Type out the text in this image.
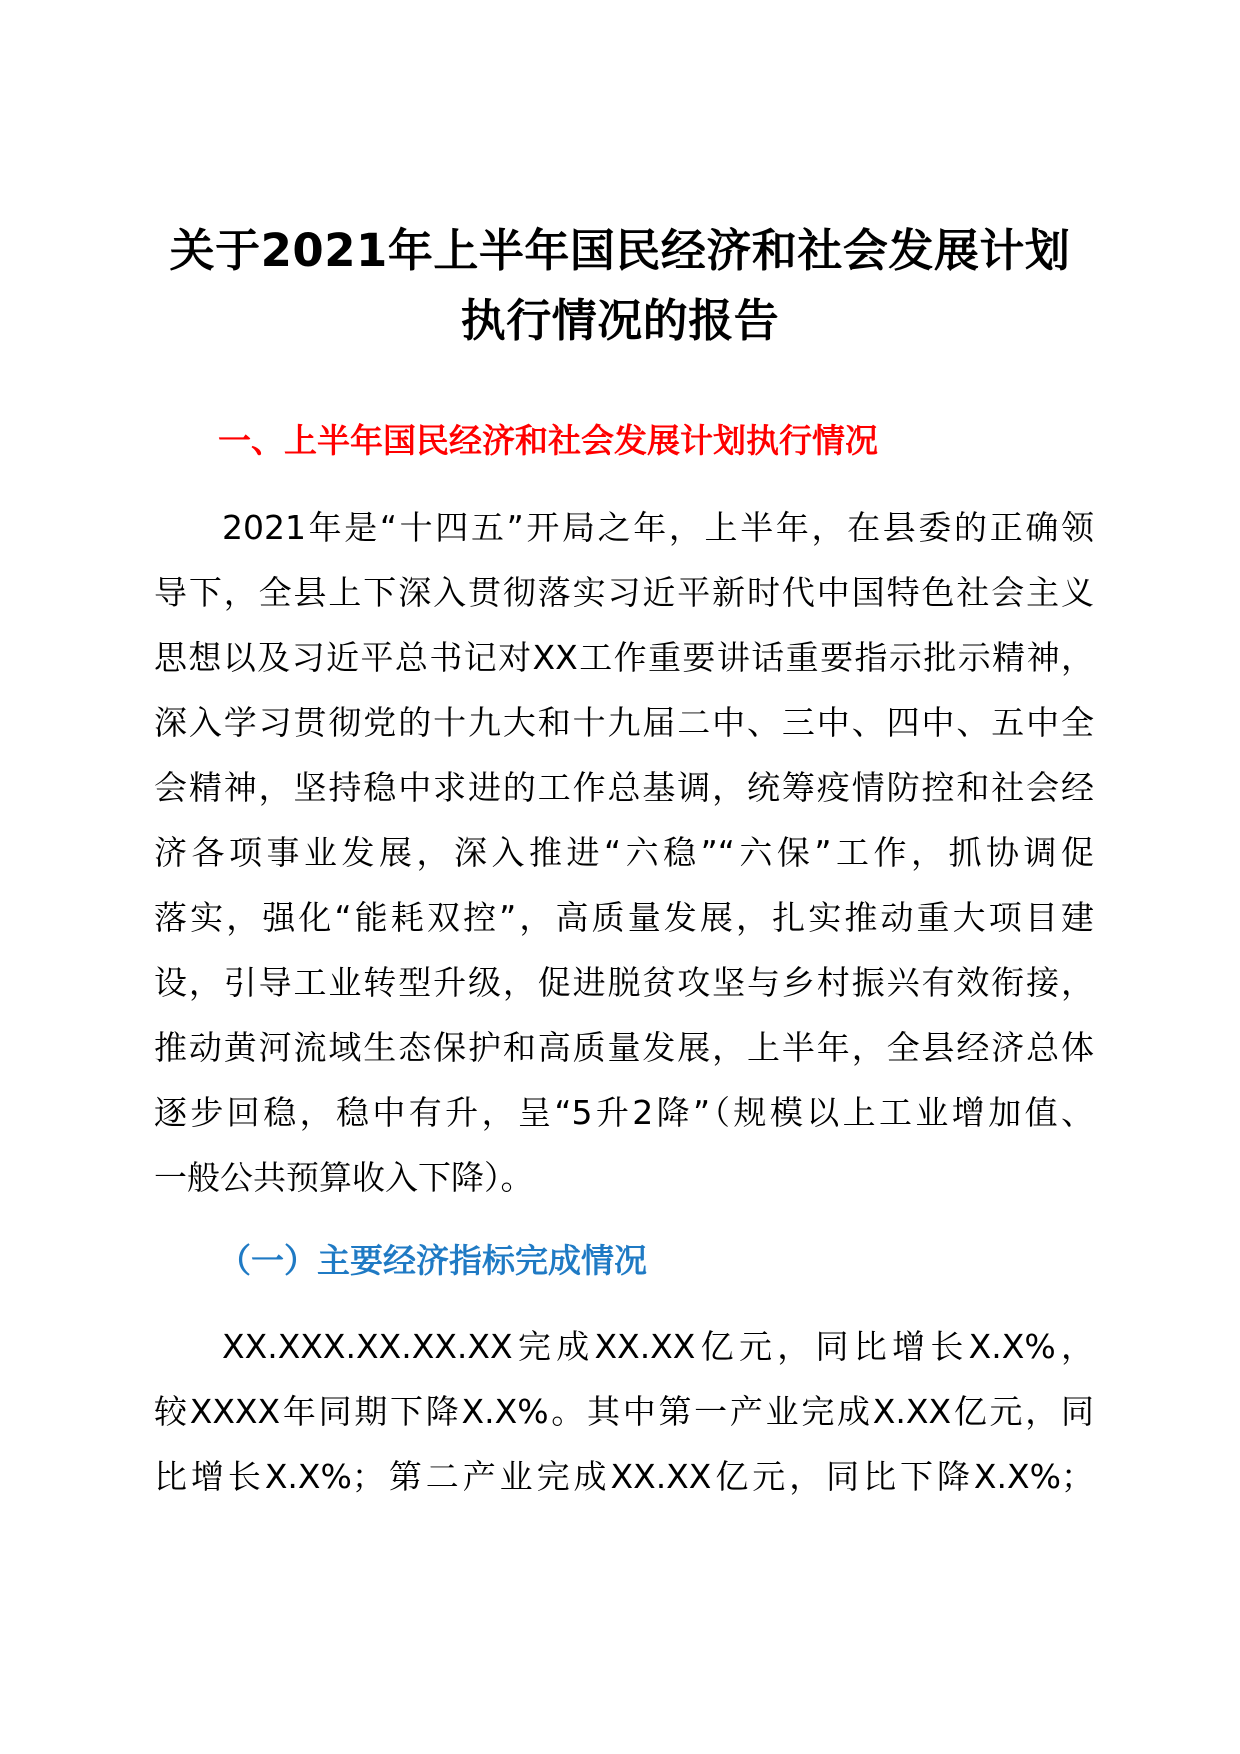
关于2021年上半年国民经济和社会发展计划
执行情况的报告
一、上半年国民经济和社会发展计划执行情况
2021年是“十四五”开局之年，上半年，在县委的正确领
导下，全县上下深入贯彻落实习近平新时代中国特色社会主义
思想以及习近平总书记对XX工作重要讲话重要指示批示精神，
深入学习贯彻党的十九大和十九届二中、三中、四中、五中全
会精神，坚持稳中求进的工作总基调，统筹疫情防控和社会经
济各项事业发展，深入推进“六稳”“六保”工作，抓协调促
落实，强化“能耗双控”，高质量发展，扎实推动重大项目建
设，引导工业转型升级，促进脱贫攻坚与乡村振兴有效衔接，
推动黄河流域生态保护和高质量发展，上半年，全县经济总体
逐步回稳，稳中有升，呈“5升2降”（规模以上工业增加值、
一般公共预算收入下降）。
（一）主要经济指标完成情况
XX.XXX.XX.XX.XX完成XX.XX亿元，同比增长X.X%，
较XXXX年同期下降X.X%。其中第一产业完成X.XX亿元，同
比增长X.X%；第二产业完成XX.XX亿元，同比下降X.X%；
